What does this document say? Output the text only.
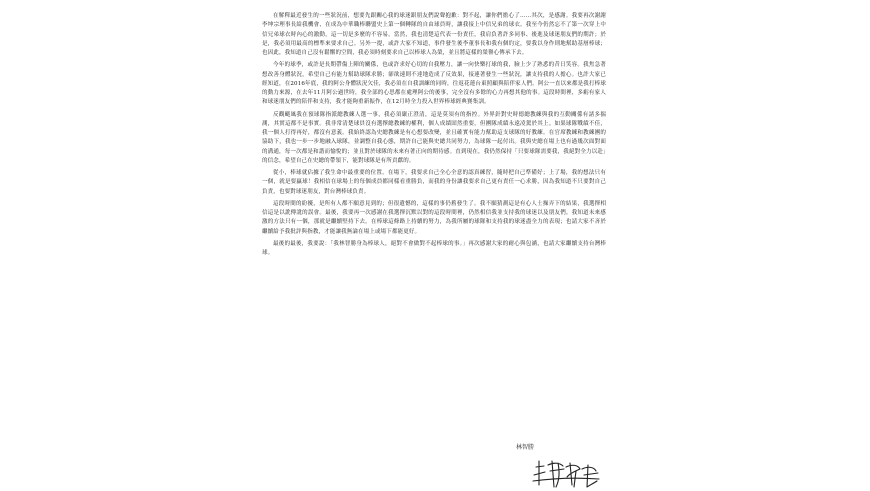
在解釋最近發生的一些狀況前，想要先跟關心我的球迷跟朋友們說聲抱歉：對不起，讓你們擔心了……其次，是感謝。我要再次謝謝李坤宗理事長給我機會，在成為中華職棒聯盟史上第一個轉隊的自由球員時，讓我接上中信兄弟的球衣。我至今仍然忘不了第一次穿上中信兄弟球衣時內心的激動，這一切是多麼的不容易。當然，我也清楚這代表一份責任，我肩負著許多同事、後進及球迷朋友們的期許；於是，我必須用最高的標準來要求自己。另外一提，或許大家不知道，事件發生後李董事長和我有個約定，要我以身作則地幫助基層棒球；也因此，我知道自己沒有鬆懈的空間，我必須時刻要求自己以棒球人為榮，並且將這樣的榮譽心傳承下去。

今年的球季，或許是長期帶傷上陣的關係，也或許求好心切的自我壓力，讓一向快樂打球的我，臉上少了熟悉的昔日笑容。我焦急著想改善身體狀況，希望自己有能力幫助球隊求勝；卻欲速則不達地造成了反效果，接連著發生一些狀況，讓支持我的人擔心。也許大家已經知道，在2016年底，我的阿公身體狀況欠佳，我必須在自我訓練的同時，往返花蓮台東照顧與陪伴家人們。阿公一直以來都是我打棒球的動力來源，在去年11月阿公過世時，我全部的心思都在處理阿公的後事，完全沒有多餘的心力再想其他的事。這段時間裡，多虧有家人和球迷朋友們的陪伴和支持，我才能夠重新振作，在12月時全力投入世界棒球經典賽集訓。

反觀颳風我在預球隊指派總教練人選一事，我必須嚴正澄清，這是莫須有的指控。外界針對史時德總教練與我的互動關係有諸多揣測，其實這都不是事實。我非常清楚球員沒有選擇總教練的權利，個人成績固然重要，但團隊成績永遠凌駕於其上。如果球隊戰績不佳，我一個人打得再好，都沒有意義。我始終認為史總教練是有心想要改變，並且確實有能力幫助這支球隊的好教練。在官席教練和教練團的協助下，我也一步一步地融入球隊，並調整自我心態，期許自己能與史總共同努力，為球隊一起付出。我與史總在場上也有過幾次面對面的溝通，每一次都是和諧而愉悅的；並且對於球隊的未來有著正向的期待感。直到現在，我仍然保持「只要球隊需要我，我絕對全力以赴」的信念，希望自己在史總的帶領下，能對球隊是有所貢獻的。

從小，棒球就佔據了我生命中最重要的位置。在場下，我要求自己全心全意的認真練習，隨時把自己準備好；上了場，我的想法只有一個，就是要贏球！我相信在球場上的每個成員都同樣看重勝負，而我的身份讓我要求自己更有責任一心求勝，因為我知道不只要對自己負責，也要對球迷朋友，對台灣棒球負責。

這段時間的紛擾，是所有人都不願意見到的；但很遺憾的，這樣的事仍舊發生了。我不願猜測這是有心人士操弄下的結果，我選擇相信這是以訛傳訛的誤會。最後，我要再一次感謝在我選擇沉默以對的這段時間裡，仍然相信我並支持我的球迷以及朋友們。我知道未來感激的方法只有一個，那就是繼續堅持下去。在棒球這條路上持續的努力，為我所屬的球隊和支持我的球迷盡全力的表現；也請大家不吝於繼續給予我批評與指教，才能讓我無論在場上或場下都能更好。

最後的最後，我要說：「我林智勝身為棒球人，絕對不會做對不起棒球的事。」再次感謝大家的耐心與包涵，也請大家繼續支持台灣棒球。

林智勝
